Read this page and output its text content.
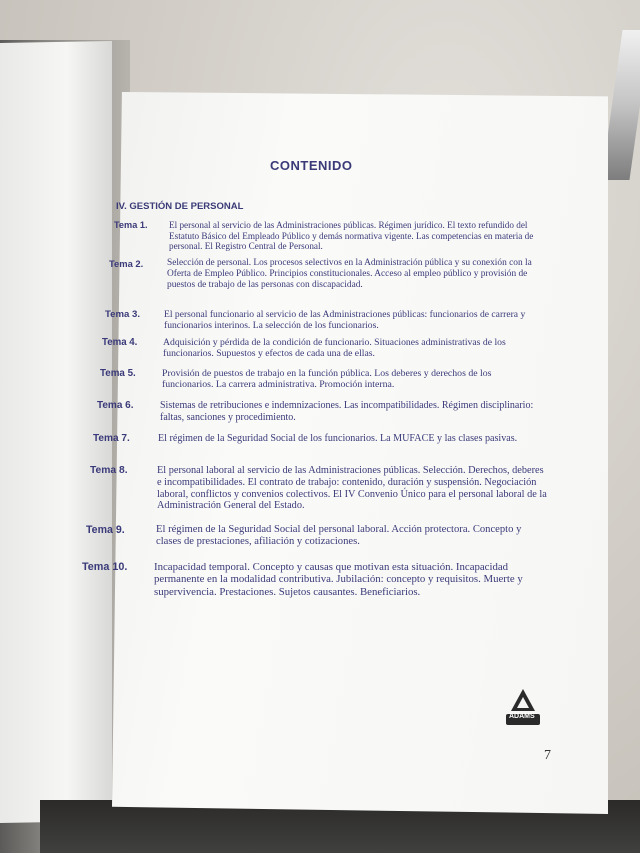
CONTENIDO
IV. GESTIÓN DE PERSONAL
Tema 1.	El personal al servicio de las Administraciones públicas. Régimen jurídico. El texto refundido del Estatuto Básico del Empleado Público y demás normativa vigente. Las competencias en materia de personal. El Registro Central de Personal.
Tema 2.	Selección de personal. Los procesos selectivos en la Administración pública y su conexión con la Oferta de Empleo Público. Principios constitucionales. Acceso al empleo público y provisión de puestos de trabajo de las personas con discapacidad.
Tema 3.	El personal funcionario al servicio de las Administraciones públicas: funcionarios de carrera y funcionarios interinos. La selección de los funcionarios.
Tema 4.	Adquisición y pérdida de la condición de funcionario. Situaciones administrativas de los funcionarios. Supuestos y efectos de cada una de ellas.
Tema 5.	Provisión de puestos de trabajo en la función pública. Los deberes y derechos de los funcionarios. La carrera administrativa. Promoción interna.
Tema 6.	Sistemas de retribuciones e indemnizaciones. Las incompatibilidades. Régimen disciplinario: faltas, sanciones y procedimiento.
Tema 7.	El régimen de la Seguridad Social de los funcionarios. La MUFACE y las clases pasivas.
Tema 8.	El personal laboral al servicio de las Administraciones públicas. Selección. Derechos, deberes e incompatibilidades. El contrato de trabajo: contenido, duración y suspensión. Negociación laboral, conflictos y convenios colectivos. El IV Convenio Único para el personal laboral de la Administración General del Estado.
Tema 9.	El régimen de la Seguridad Social del personal laboral. Acción protectora. Concepto y clases de prestaciones, afiliación y cotizaciones.
Tema 10.	Incapacidad temporal. Concepto y causas que motivan esta situación. Incapacidad permanente en la modalidad contributiva. Jubilación: concepto y requisitos. Muerte y supervivencia. Prestaciones. Sujetos causantes. Beneficiarios.
ADAMS
7
